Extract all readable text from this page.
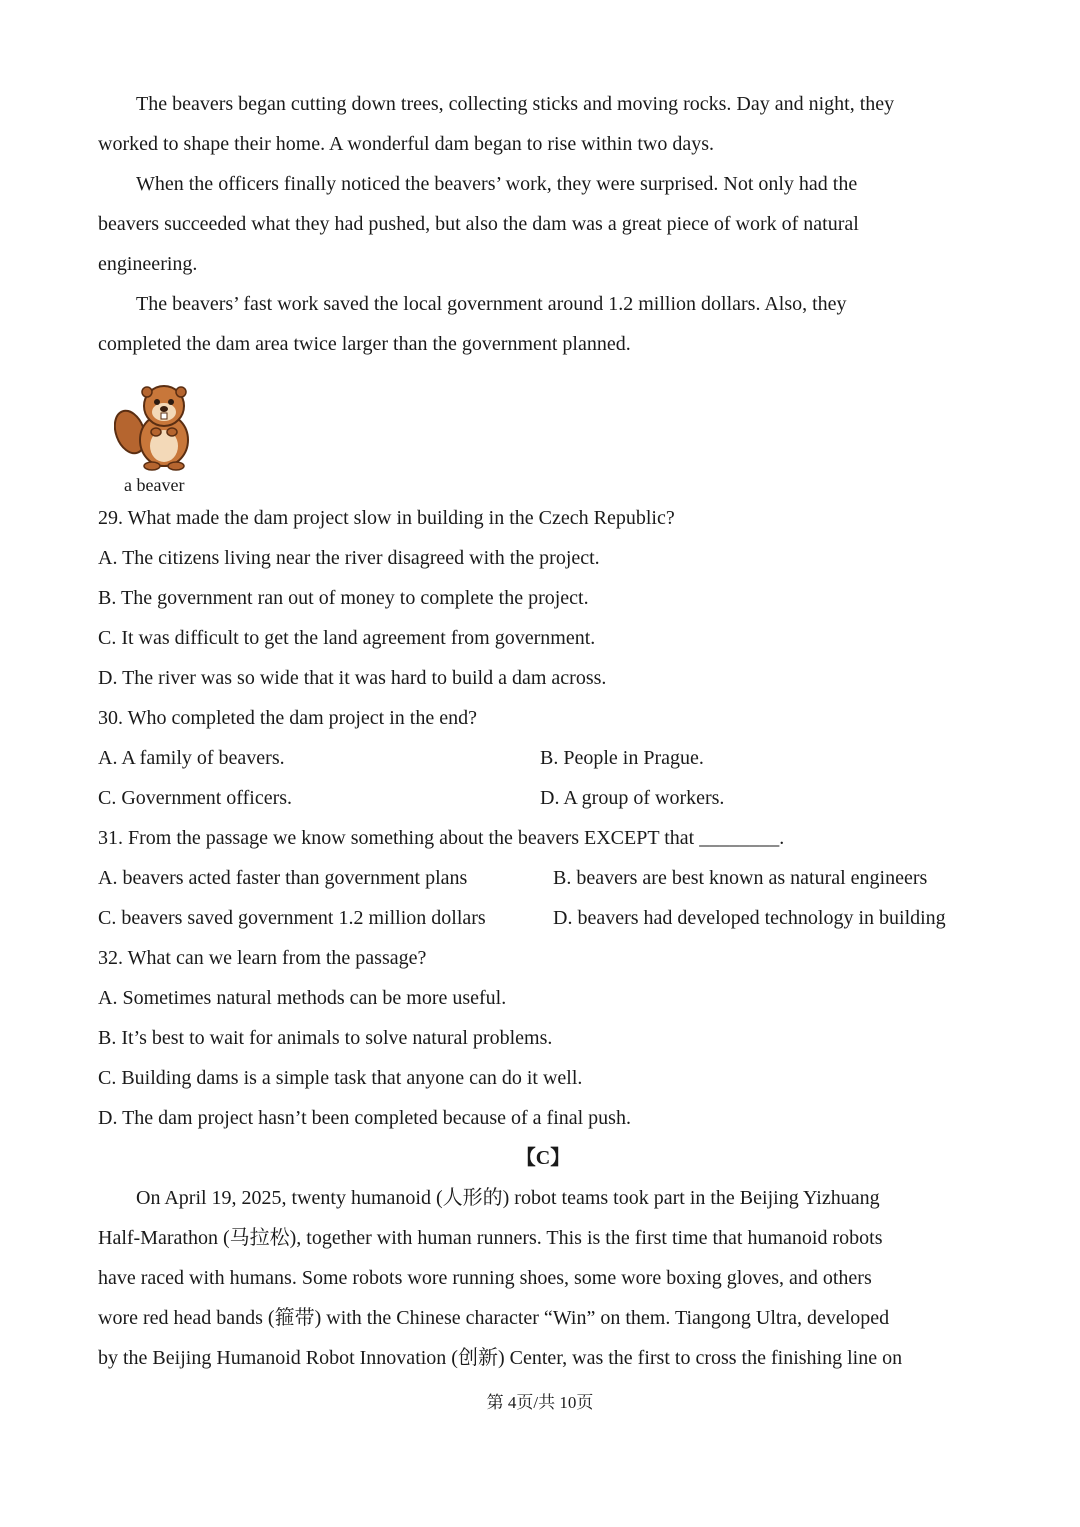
The beavers began cutting down trees, collecting sticks and moving rocks. Day and night, they
worked to shape their home. A wonderful dam began to rise within two days.
When the officers finally noticed the beavers’ work, they were surprised. Not only had the
beavers succeeded what they had pushed, but also the dam was a great piece of work of natural
engineering.
The beavers’ fast work saved the local government around 1.2 million dollars. Also, they
completed the dam area twice larger than the government planned.
a beaver
29. What made the dam project slow in building in the Czech Republic?
A. The citizens living near the river disagreed with the project.
B. The government ran out of money to complete the project.
C. It was difficult to get the land agreement from government.
D. The river was so wide that it was hard to build a dam across.
30. Who completed the dam project in the end?
A. A family of beavers.	B. People in Prague.
C. Government officers.	D. A group of workers.
31. From the passage we know something about the beavers EXCEPT that ________.
A. beavers acted faster than government plans	B. beavers are best known as natural engineers
C. beavers saved government 1.2 million dollars	D. beavers had developed technology in building
32. What can we learn from the passage?
A. Sometimes natural methods can be more useful.
B. It’s best to wait for animals to solve natural problems.
C. Building dams is a simple task that anyone can do it well.
D. The dam project hasn’t been completed because of a final push.
【C】
On April 19, 2025, twenty humanoid (人形的) robot teams took part in the Beijing Yizhuang
Half-Marathon (马拉松), together with human runners. This is the first time that humanoid robots
have raced with humans. Some robots wore running shoes, some wore boxing gloves, and others
wore red head bands (箍带) with the Chinese character “Win” on them. Tiangong Ultra, developed
by the Beijing Humanoid Robot Innovation (创新) Center, was the first to cross the finishing line on
第 4页/共 10页
